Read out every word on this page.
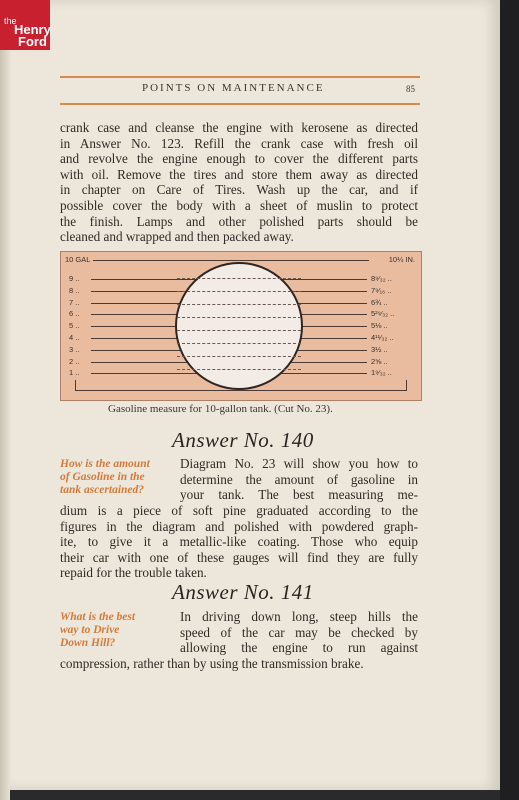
the
Henry
Ford
POINTS ON MAINTENANCE	85
crank case and cleanse the engine with kerosene as directed
in Answer No. 123. Refill the crank case with fresh oil
and revolve the engine enough to cover the different parts
with oil. Remove the tires and store them away as directed
in chapter on Care of Tires. Wash up the car, and if
possible cover the body with a sheet of muslin to protect
the finish. Lamps and other polished parts should be
cleaned and wrapped and then packed away.
10 GAL	10¼ IN.
9 ..	8⁹⁄₃₂ ..
8 ..	7⁹⁄₁₆ ..
7 ..	6¾ ..
6 ..	5²⁹⁄₃₂ ..
5 ..	5⅛ ..
4 ..	4¹¹⁄₃₂ ..
3 ..	3½ ..
2 ..	2⅝ ..
1 ..	1⁹⁄₃₂ ..
Gasoline measure for 10-gallon tank. (Cut No. 23).
Answer No. 140
How is the amount
of Gasoline in the
tank ascertained?
Diagram No. 23 will show you how to
determine the amount of gasoline in
your tank. The best measuring me-
dium is a piece of soft pine graduated according to the
figures in the diagram and polished with powdered graph-
ite, to give it a metallic-like coating. Those who equip
their car with one of these gauges will find they are fully
repaid for the trouble taken.
Answer No. 141
What is the best
way to Drive
Down Hill?
In driving down long, steep hills the
speed of the car may be checked by
allowing the engine to run against
compression, rather than by using the transmission brake.
